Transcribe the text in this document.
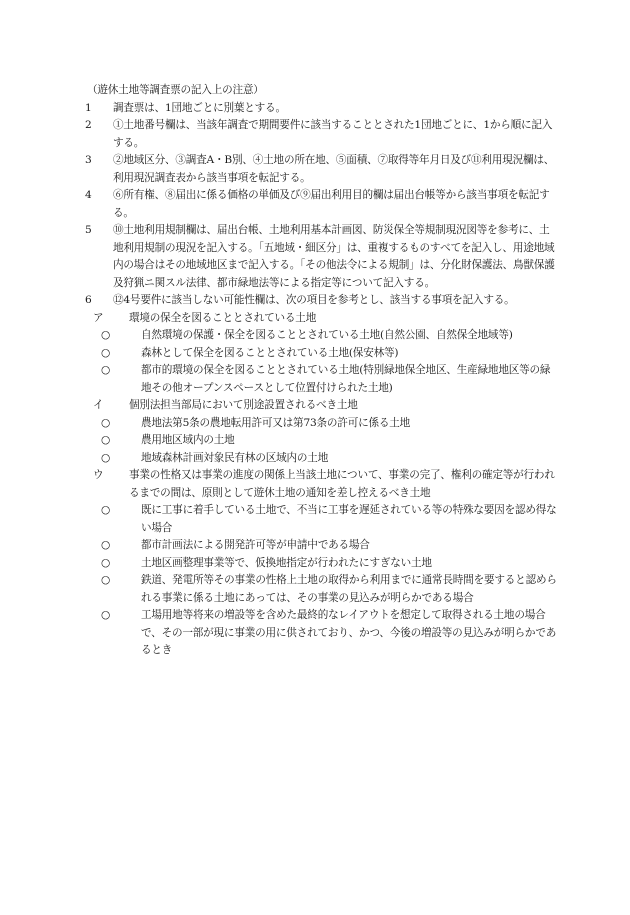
（遊休土地等調査票の記入上の注意）

1 調査票は、1団地ごとに別葉とする。

2 ①土地番号欄は、当該年調査で期間要件に該当することとされた1団地ごとに、1から順に記入する。

3 ②地域区分、③調査A・B別、④土地の所在地、⑤面積、⑦取得等年月日及び⑪利用現況欄は、利用現況調査表から該当事項を転記する。

4 ⑥所有権、⑧届出に係る価格の単価及び⑨届出利用目的欄は届出台帳等から該当事項を転記する。

5 ⑩土地利用規制欄は、届出台帳、土地利用基本計画図、防災保全等規制現況図等を参考に、土地利用規制の現況を記入する。「五地域・細区分」は、重複するものすべてを記入し、用途地域内の場合はその地域地区まで記入する。「その他法令による規制」は、分化財保護法、鳥獣保護及狩猟ニ関スル法律、都市緑地法等による指定等について記入する。

6 ⑫4号要件に該当しない可能性欄は、次の項目を参考とし、該当する事項を記入する。

ア 環境の保全を図ることとされている土地

○	自然環境の保護・保全を図ることとされている土地(自然公園、自然保全地域等)

○	森林として保全を図ることとされている土地(保安林等)

○	都市的環境の保全を図ることとされている土地(特別緑地保全地区、生産緑地地区等の緑地その他オープンスペースとして位置付けられた土地)

イ 個別法担当部局において別途設置されるべき土地

○	農地法第5条の農地転用許可又は第73条の許可に係る土地

○	農用地区域内の土地

○	地域森林計画対象民有林の区域内の土地

ウ 事業の性格又は事業の進度の関係上当該土地について、事業の完了、権利の確定等が行われるまでの間は、原則として遊休土地の通知を差し控えるべき土地

○	既に工事に着手している土地で、不当に工事を遅延されている等の特殊な要因を認め得ない場合

○	都市計画法による開発許可等が申請中である場合

○	土地区画整理事業等で、仮換地指定が行われたにすぎない土地

○	鉄道、発電所等その事業の性格上土地の取得から利用までに通常長時間を要すると認められる事業に係る土地にあっては、その事業の見込みが明らかである場合

○	工場用地等将来の増設等を含めた最終的なレイアウトを想定して取得される土地の場合で、その一部が現に事業の用に供されており、かつ、今後の増設等の見込みが明らかであるとき
